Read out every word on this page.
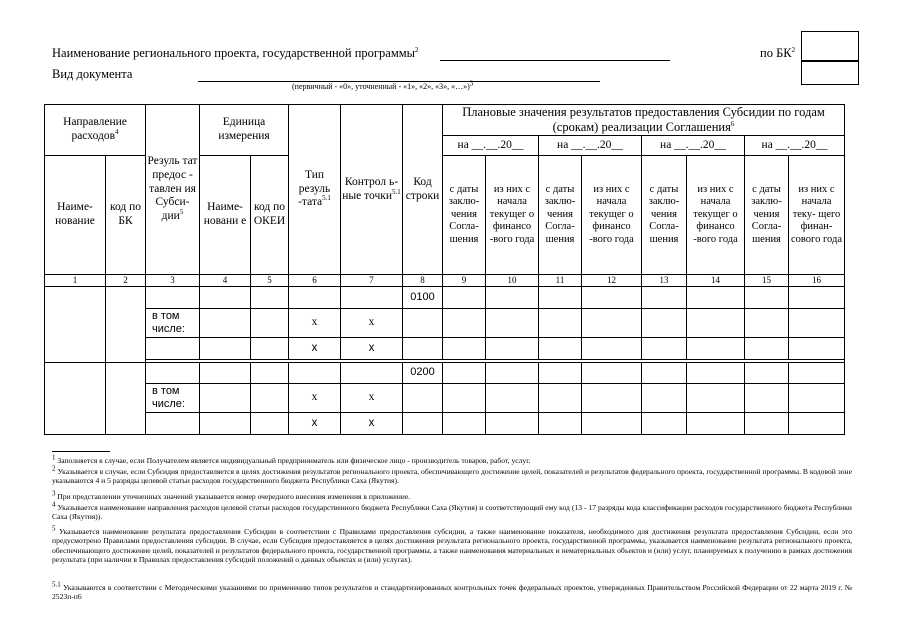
Наименование регионального проекта, государственной программы$^2$	по $БК^2$
Вид документа
(первичный - «0», уточненный - «1», «2», «3», «…»)$^3$
Направление расходов$^4$		Резуль тат предос - тавлен ия Субси- дии$^5$	Единица измерения		Тип резуль -тата$^{5.1}$	Контрол ь-ные точки$^{5.1}$	Код строки	Плановые значения результатов предоставления Субсидии по годам (срокам) реализации Соглашения$^6$
								на __.__.20__		на __.__.20__		на __.__.20__		на __.__.20__	
Наиме- нование	код по БК		Наиме- новани е	код по ОКЕИ				с даты заклю- чения Согла- шения	из них с начала текущег о финансо -вого года	с даты заклю- чения Согла- шения	из них с начала текущег о финансо -вого года	с даты заклю- чения Согла- шения	из них с начала текущег о финансо -вого года	с даты заклю- чения Согла- шения	из них с начала теку- щего финан- сового года
1	2	3	4	5	6	7	8	9	10	11	12	13	14	15	16
							0100								
		в том числе:			x	x									
					x	x									

							0200								
		в том числе:			x	x									
					x	x									
$^1$ Заполняется в случае, если Получателем является индивидуальный предприниматель или физическое лицо - производитель товаров, работ, услуг.
$^2$ Указывается в случае, если Субсидия предоставляется в целях достижения результатов регионального проекта, обеспечивающего достижение целей, показателей и результатов федерального проекта, государственной программы. В кодовой зоне указываются 4 и 5 разряды целевой статьи расходов государственного бюджета Республики Саха (Якутия).
$^3$ При представлении уточненных значений указывается номер очередного внесения изменения в приложение.
$^4$ Указывается наименование направления расходов целевой статьи расходов государственного бюджета Республики Саха (Якутия) и соответствующий ему код (13 - 17 разряды кода классификации расходов государственного бюджета Республики Саха (Якутия)).
$^5$ Указывается наименование результата предоставления Субсидии в соответствии с Правилами предоставления субсидии, а также наименование показателя, необходимого для достижения результата предоставления Субсидии, если это предусмотрено Правилами предоставления субсидии. В случае, если Субсидия предоставляется в целях достижения результата регионального проекта, государственной программы, указывается наименование результата регионального проекта, обеспечивающего достижение целей, показателей и результатов федерального проекта, государственной программы, а также наименования материальных и нематериальных объектов и (или) услуг, планируемых к получению в рамках достижения результата (при наличии в Правилах предоставления субсидий положений о данных объектах и (или) услугах).
$^{5.1}$ Указываются в соответствии с Методическими указаниями по применению типов результатов и стандартизированных контрольных точек федеральных проектов, утвержденных Правительством Российской Федерации от 22 марта 2019 г. № 2523п-п6
